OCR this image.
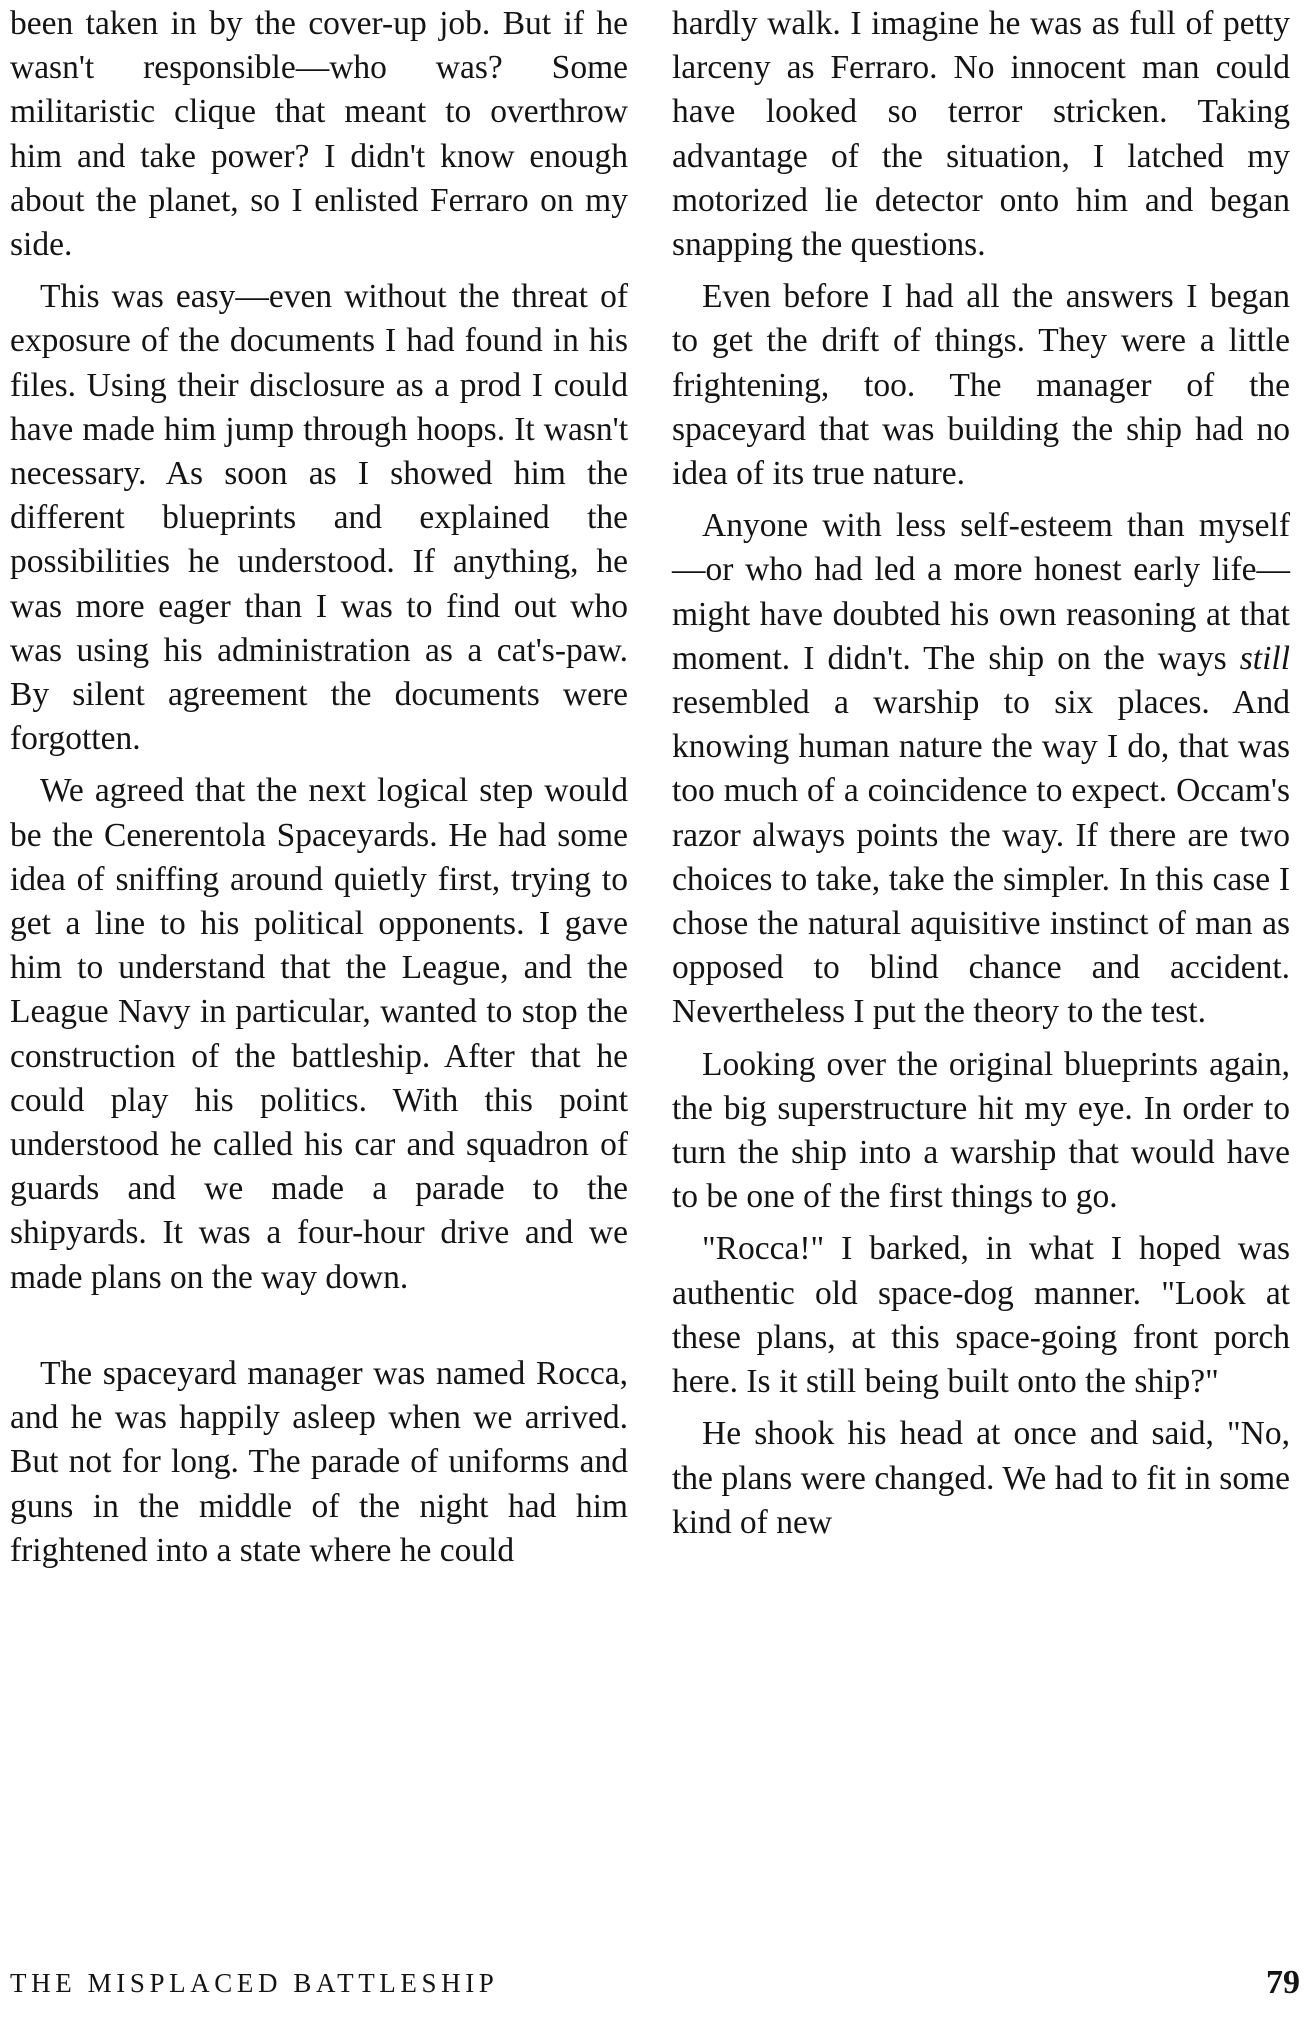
been taken in by the cover-up job. But if he wasn't responsible—who was? Some militaristic clique that meant to overthrow him and take power? I didn't know enough about the planet, so I enlisted Ferraro on my side.

This was easy—even without the threat of exposure of the documents I had found in his files. Using their disclosure as a prod I could have made him jump through hoops. It wasn't necessary. As soon as I showed him the different blueprints and explained the possibilities he understood. If anything, he was more eager than I was to find out who was using his administration as a cat's-paw. By silent agreement the documents were forgotten.

We agreed that the next logical step would be the Cenerentola Spaceyards. He had some idea of sniffing around quietly first, trying to get a line to his political opponents. I gave him to understand that the League, and the League Navy in particular, wanted to stop the construction of the battleship. After that he could play his politics. With this point understood he called his car and squadron of guards and we made a parade to the shipyards. It was a four-hour drive and we made plans on the way down.

The spaceyard manager was named Rocca, and he was happily asleep when we arrived. But not for long. The parade of uniforms and guns in the middle of the night had him frightened into a state where he could

hardly walk. I imagine he was as full of petty larceny as Ferraro. No innocent man could have looked so terror stricken. Taking advantage of the situation, I latched my motorized lie detector onto him and began snapping the questions.

Even before I had all the answers I began to get the drift of things. They were a little frightening, too. The manager of the spaceyard that was building the ship had no idea of its true nature.

Anyone with less self-esteem than myself—or who had led a more honest early life—might have doubted his own reasoning at that moment. I didn't. The ship on the ways still resembled a warship to six places. And knowing human nature the way I do, that was too much of a coincidence to expect. Occam's razor always points the way. If there are two choices to take, take the simpler. In this case I chose the natural aquisitive instinct of man as opposed to blind chance and accident. Nevertheless I put the theory to the test.

Looking over the original blueprints again, the big superstructure hit my eye. In order to turn the ship into a warship that would have to be one of the first things to go.

"Rocca!" I barked, in what I hoped was authentic old space-dog manner. "Look at these plans, at this space-going front porch here. Is it still being built onto the ship?"

He shook his head at once and said, "No, the plans were changed. We had to fit in some kind of new

THE MISPLACED BATTLESHIP	79
